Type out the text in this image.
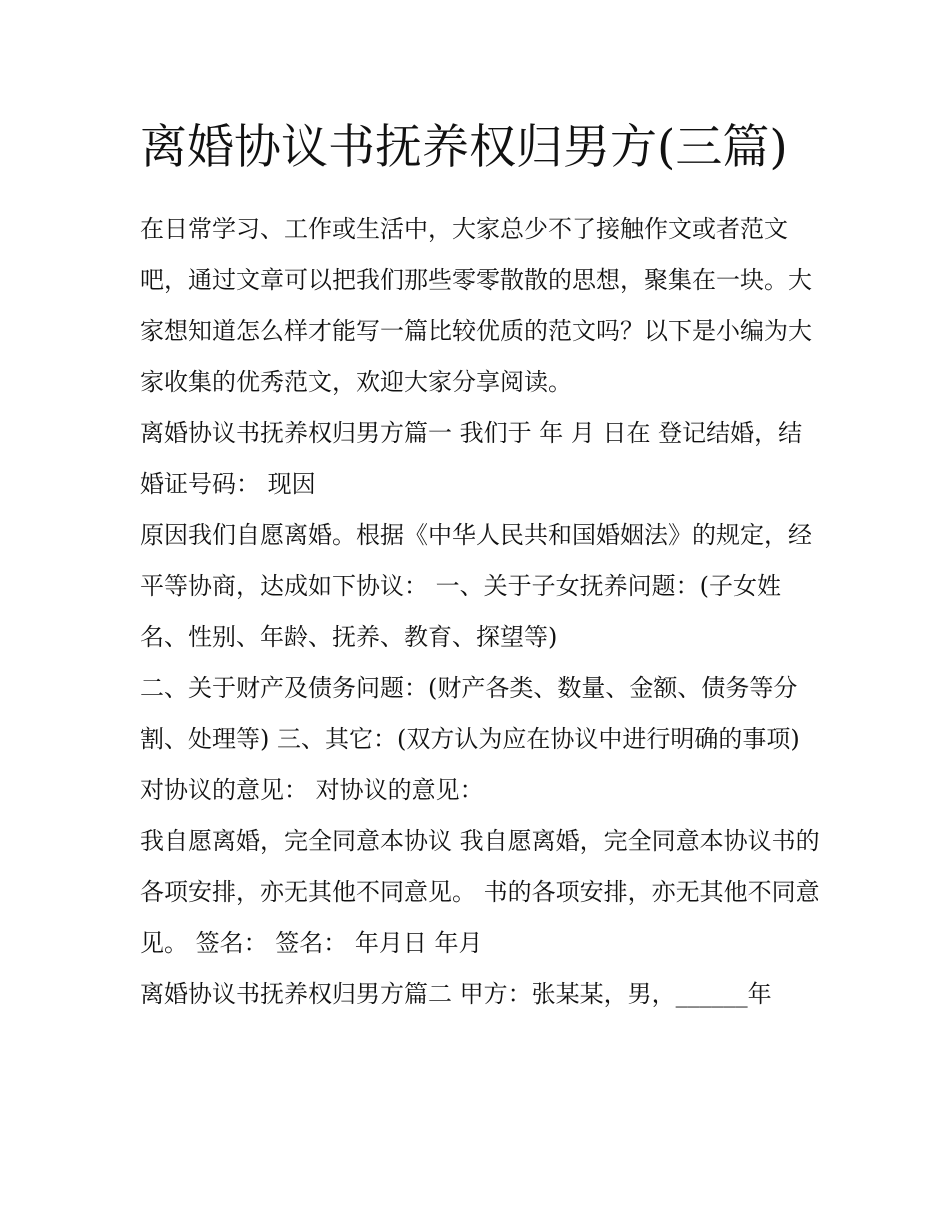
离婚协议书抚养权归男方(三篇)

在日常学习、工作或生活中，大家总少不了接触作文或者范文吧，通过文章可以把我们那些零零散散的思想，聚集在一块。大家想知道怎么样才能写一篇比较优质的范文吗？以下是小编为大家收集的优秀范文，欢迎大家分享阅读。

离婚协议书抚养权归男方篇一 我们于 年 月 日在 登记结婚，结婚证号码： 现因

原因我们自愿离婚。根据《中华人民共和国婚姻法》的规定，经平等协商，达成如下协议： 一、关于子女抚养问题：(子女姓名、性别、年龄、抚养、教育、探望等)

二、关于财产及债务问题：(财产各类、数量、金额、债务等分割、处理等) 三、其它：(双方认为应在协议中进行明确的事项) 对协议的意见： 对协议的意见：

我自愿离婚，完全同意本协议 我自愿离婚，完全同意本协议书的各项安排，亦无其他不同意见。 书的各项安排，亦无其他不同意见。 签名： 签名： 年月日 年月

离婚协议书抚养权归男方篇二 甲方：张某某，男，______年
